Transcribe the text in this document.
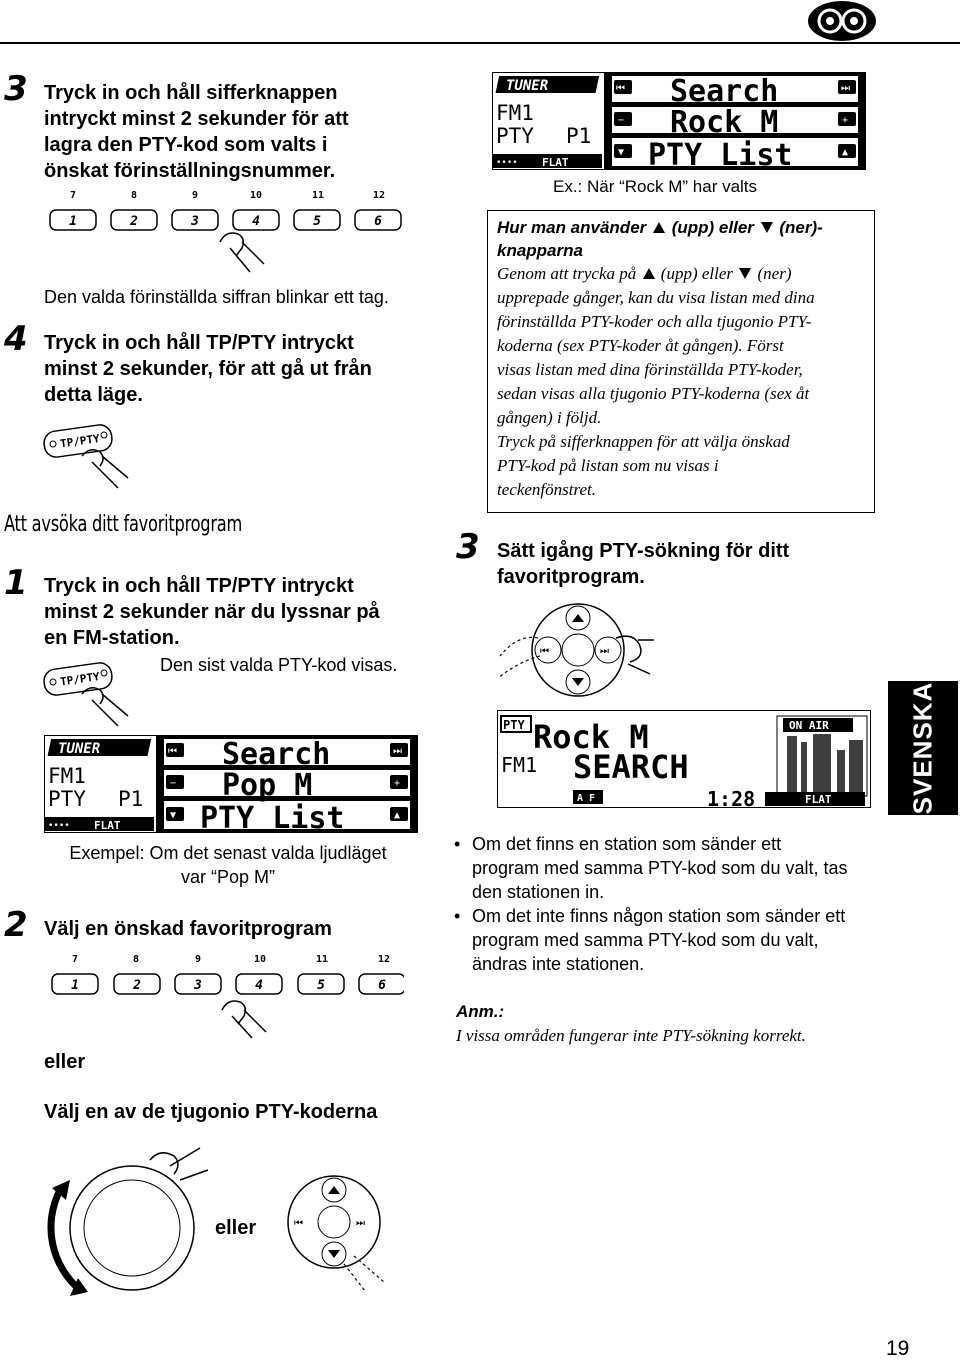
3 Tryck in och håll sifferknappen
intryckt minst 2 sekunder för att
lagra den PTY-kod som valts i
önskat förinställningsnummer.
7	8	9	10	11	12
1	2	3	4	5	6
Den valda förinställda siffran blinkar ett tag.
4 Tryck in och håll TP/PTY intryckt
minst 2 sekunder, för att gå ut från
detta läge.
TP/PTY
Att avsöka ditt favoritprogram
1 Tryck in och håll TP/PTY intryckt
minst 2 sekunder när du lyssnar på
en FM-station.
Den sist valda PTY-kod visas.
TP/PTY
TUNER
FM1
PTY P1
•••• FLAT
Search
Pop M
PTY List
⏮	⏭
−	+
▼	▲
Exempel: Om det senast valda ljudläget
var “Pop M”
2 Välj en önskad favoritprogram
7	8	9	10	11	12
1	2	3	4	5	6
eller
Välj en av de tjugonio PTY-koderna
eller	⏮	⏭
TUNER
FM1
PTY P1
•••• FLAT
Search
Rock M
PTY List
⏮	⏭
−	+
▼	▲
Ex.: När “Rock M” har valts
Hur man använder (upp) eller (ner)-
knapparna
Genom att trycka på (upp) eller (ner)
upprepade gånger, kan du visa listan med dina
förinställda PTY-koder och alla tjugonio PTY-
koderna (sex PTY-koder åt gången). Först
visas listan med dina förinställda PTY-koder,
sedan visas alla tjugonio PTY-koderna (sex åt
gången) i följd.
Tryck på sifferknappen för att välja önskad
PTY-kod på listan som nu visas i
teckenfönstret.
3 Sätt igång PTY-sökning för ditt
favoritprogram.
⏮	⏭
PTY Rock M
FM1 SEARCH
ON AIR
A F	1:28	FLAT
• Om det finns en station som sänder ett
program med samma PTY-kod som du valt, tas
den stationen in.
• Om det inte finns någon station som sänder ett
program med samma PTY-kod som du valt,
ändras inte stationen.
Anm.:
I vissa områden fungerar inte PTY-sökning korrekt.
SVENSKA
19
